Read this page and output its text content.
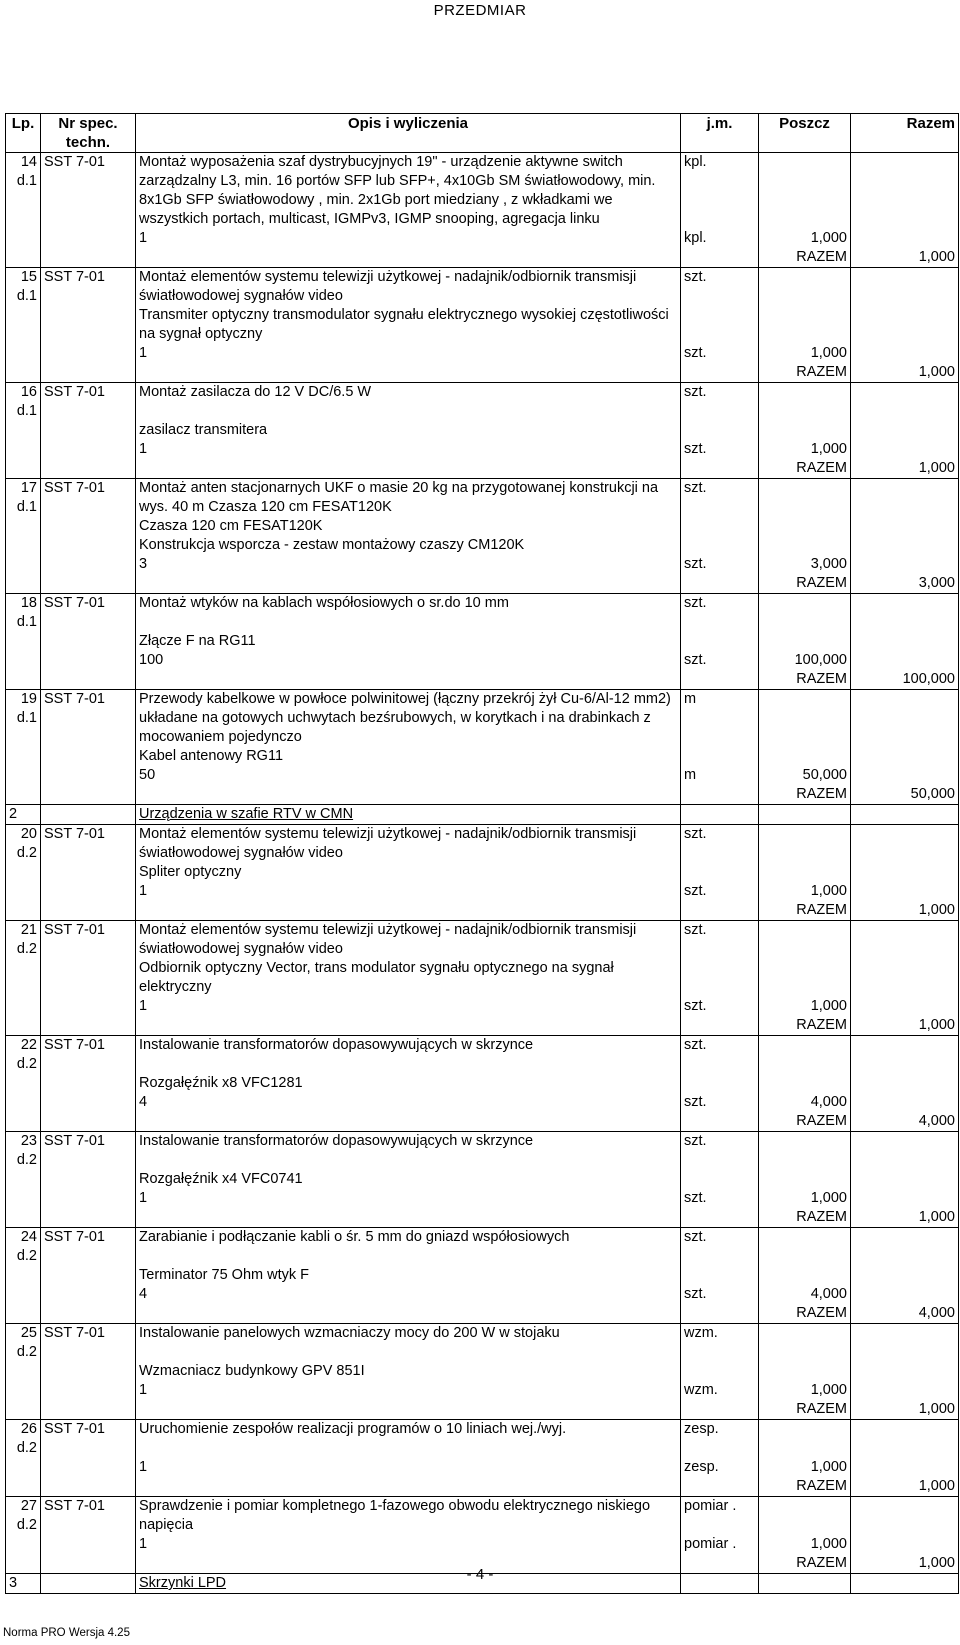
PRZEDMIAR
Lp.	Nr spec. techn.	Opis i wyliczenia	j.m.	Poszcz	Razem
14 d.1	SST 7-01	Montaż wyposażenia szaf dystrybucyjnych 19" - urządzenie aktywne switch zarządzalny L3, min. 16 portów SFP lub SFP+, 4x10Gb SM światłowodowy, min. 8x1Gb SFP światłowodowy , min. 2x1Gb port miedziany , z wkładkami we wszystkich portach, multicast, IGMPv3, IGMP snooping, agregacja linku	kpl.		
		1	kpl.	1,000	
				RAZEM	1,000
15 d.1	SST 7-01	Montaż elementów systemu telewizji użytkowej - nadajnik/odbiornik transmisji światłowodowej sygnałów video	szt.		
		Transmiter optyczny transmodulator sygnału elektrycznego wysokiej częstotliwości na sygnał optyczny			
		1	szt.	1,000	
				RAZEM	1,000
16 d.1	SST 7-01	Montaż zasilacza do 12 V DC/6.5 W	szt.		
		zasilacz transmitera			
		1	szt.	1,000	
				RAZEM	1,000
17 d.1	SST 7-01	Montaż anten stacjonarnych UKF o masie 20 kg na przygotowanej konstrukcji na wys. 40 m Czasza 120 cm FESAT120K	szt.		
		Czasza 120 cm FESAT120K			
		Konstrukcja wsporcza - zestaw montażowy czaszy CM120K			
		3	szt.	3,000	
				RAZEM	3,000
18 d.1	SST 7-01	Montaż wtyków na kablach współosiowych o sr.do 10 mm	szt.		
		Złącze F na RG11			
		100	szt.	100,000	
				RAZEM	100,000
19 d.1	SST 7-01	Przewody kabelkowe w powłoce polwinitowej (łączny przekrój żył Cu-6/Al-12 mm2) układane na gotowych uchwytach bezśrubowych, w korytkach i na drabinkach z mocowaniem pojedynczo	m		
		Kabel antenowy RG11			
		50	m	50,000	
				RAZEM	50,000
2		Urządzenia w szafie RTV w CMN			
20 d.2	SST 7-01	Montaż elementów systemu telewizji użytkowej - nadajnik/odbiornik transmisji światłowodowej sygnałów video	szt.		
		Spliter optyczny			
		1	szt.	1,000	
				RAZEM	1,000
21 d.2	SST 7-01	Montaż elementów systemu telewizji użytkowej - nadajnik/odbiornik transmisji światłowodowej sygnałów video	szt.		
		Odbiornik optyczny Vector, trans modulator sygnału optycznego na sygnał elektryczny			
		1	szt.	1,000	
				RAZEM	1,000
22 d.2	SST 7-01	Instalowanie transformatorów dopasowywujących w skrzynce	szt.		
		Rozgałęźnik x8 VFC1281			
		4	szt.	4,000	
				RAZEM	4,000
23 d.2	SST 7-01	Instalowanie transformatorów dopasowywujących w skrzynce	szt.		
		Rozgałęźnik x4 VFC0741			
		1	szt.	1,000	
				RAZEM	1,000
24 d.2	SST 7-01	Zarabianie i podłączanie kabli o śr. 5 mm do gniazd współosiowych	szt.		
		Terminator 75 Ohm wtyk F			
		4	szt.	4,000	
				RAZEM	4,000
25 d.2	SST 7-01	Instalowanie panelowych wzmacniaczy mocy do 200 W w stojaku	wzm.		
		Wzmacniacz budynkowy GPV 851I			
		1	wzm.	1,000	
				RAZEM	1,000
26 d.2	SST 7-01	Uruchomienie zespołów realizacji programów o 10 liniach wej./wyj.	zesp.		

		1	zesp.	1,000	
				RAZEM	1,000
27 d.2	SST 7-01	Sprawdzenie i pomiar kompletnego 1-fazowego obwodu elektrycznego niskiego napięcia	pomiar .		
		1	pomiar .	1,000	
				RAZEM	1,000
3		Skrzynki LPD				- 4 -
Norma PRO Wersja 4.25
